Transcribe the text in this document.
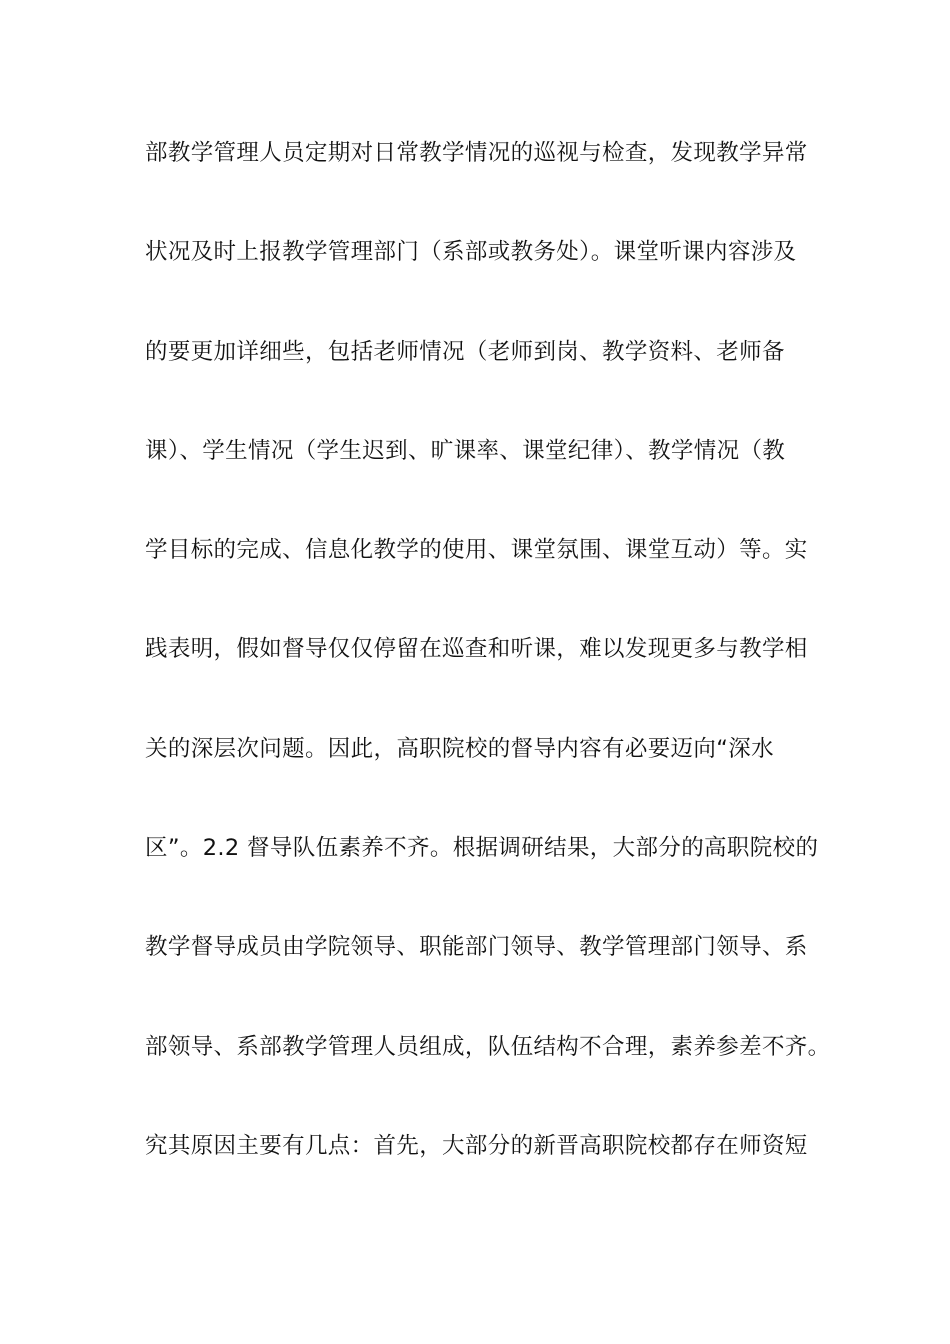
部教学管理人员定期对日常教学情况的巡视与检查，发现教学异常
状况及时上报教学管理部门（系部或教务处）。课堂听课内容涉及
的要更加详细些，包括老师情况（老师到岗、教学资料、老师备
课）、学生情况（学生迟到、旷课率、课堂纪律）、教学情况（教
学目标的完成、信息化教学的使用、课堂氛围、课堂互动）等。实
践表明，假如督导仅仅停留在巡查和听课，难以发现更多与教学相
关的深层次问题。因此，高职院校的督导内容有必要迈向“深水
区”。2.2 督导队伍素养不齐。根据调研结果，大部分的高职院校的
教学督导成员由学院领导、职能部门领导、教学管理部门领导、系
部领导、系部教学管理人员组成，队伍结构不合理，素养参差不齐。
究其原因主要有几点：首先，大部分的新晋高职院校都存在师资短
